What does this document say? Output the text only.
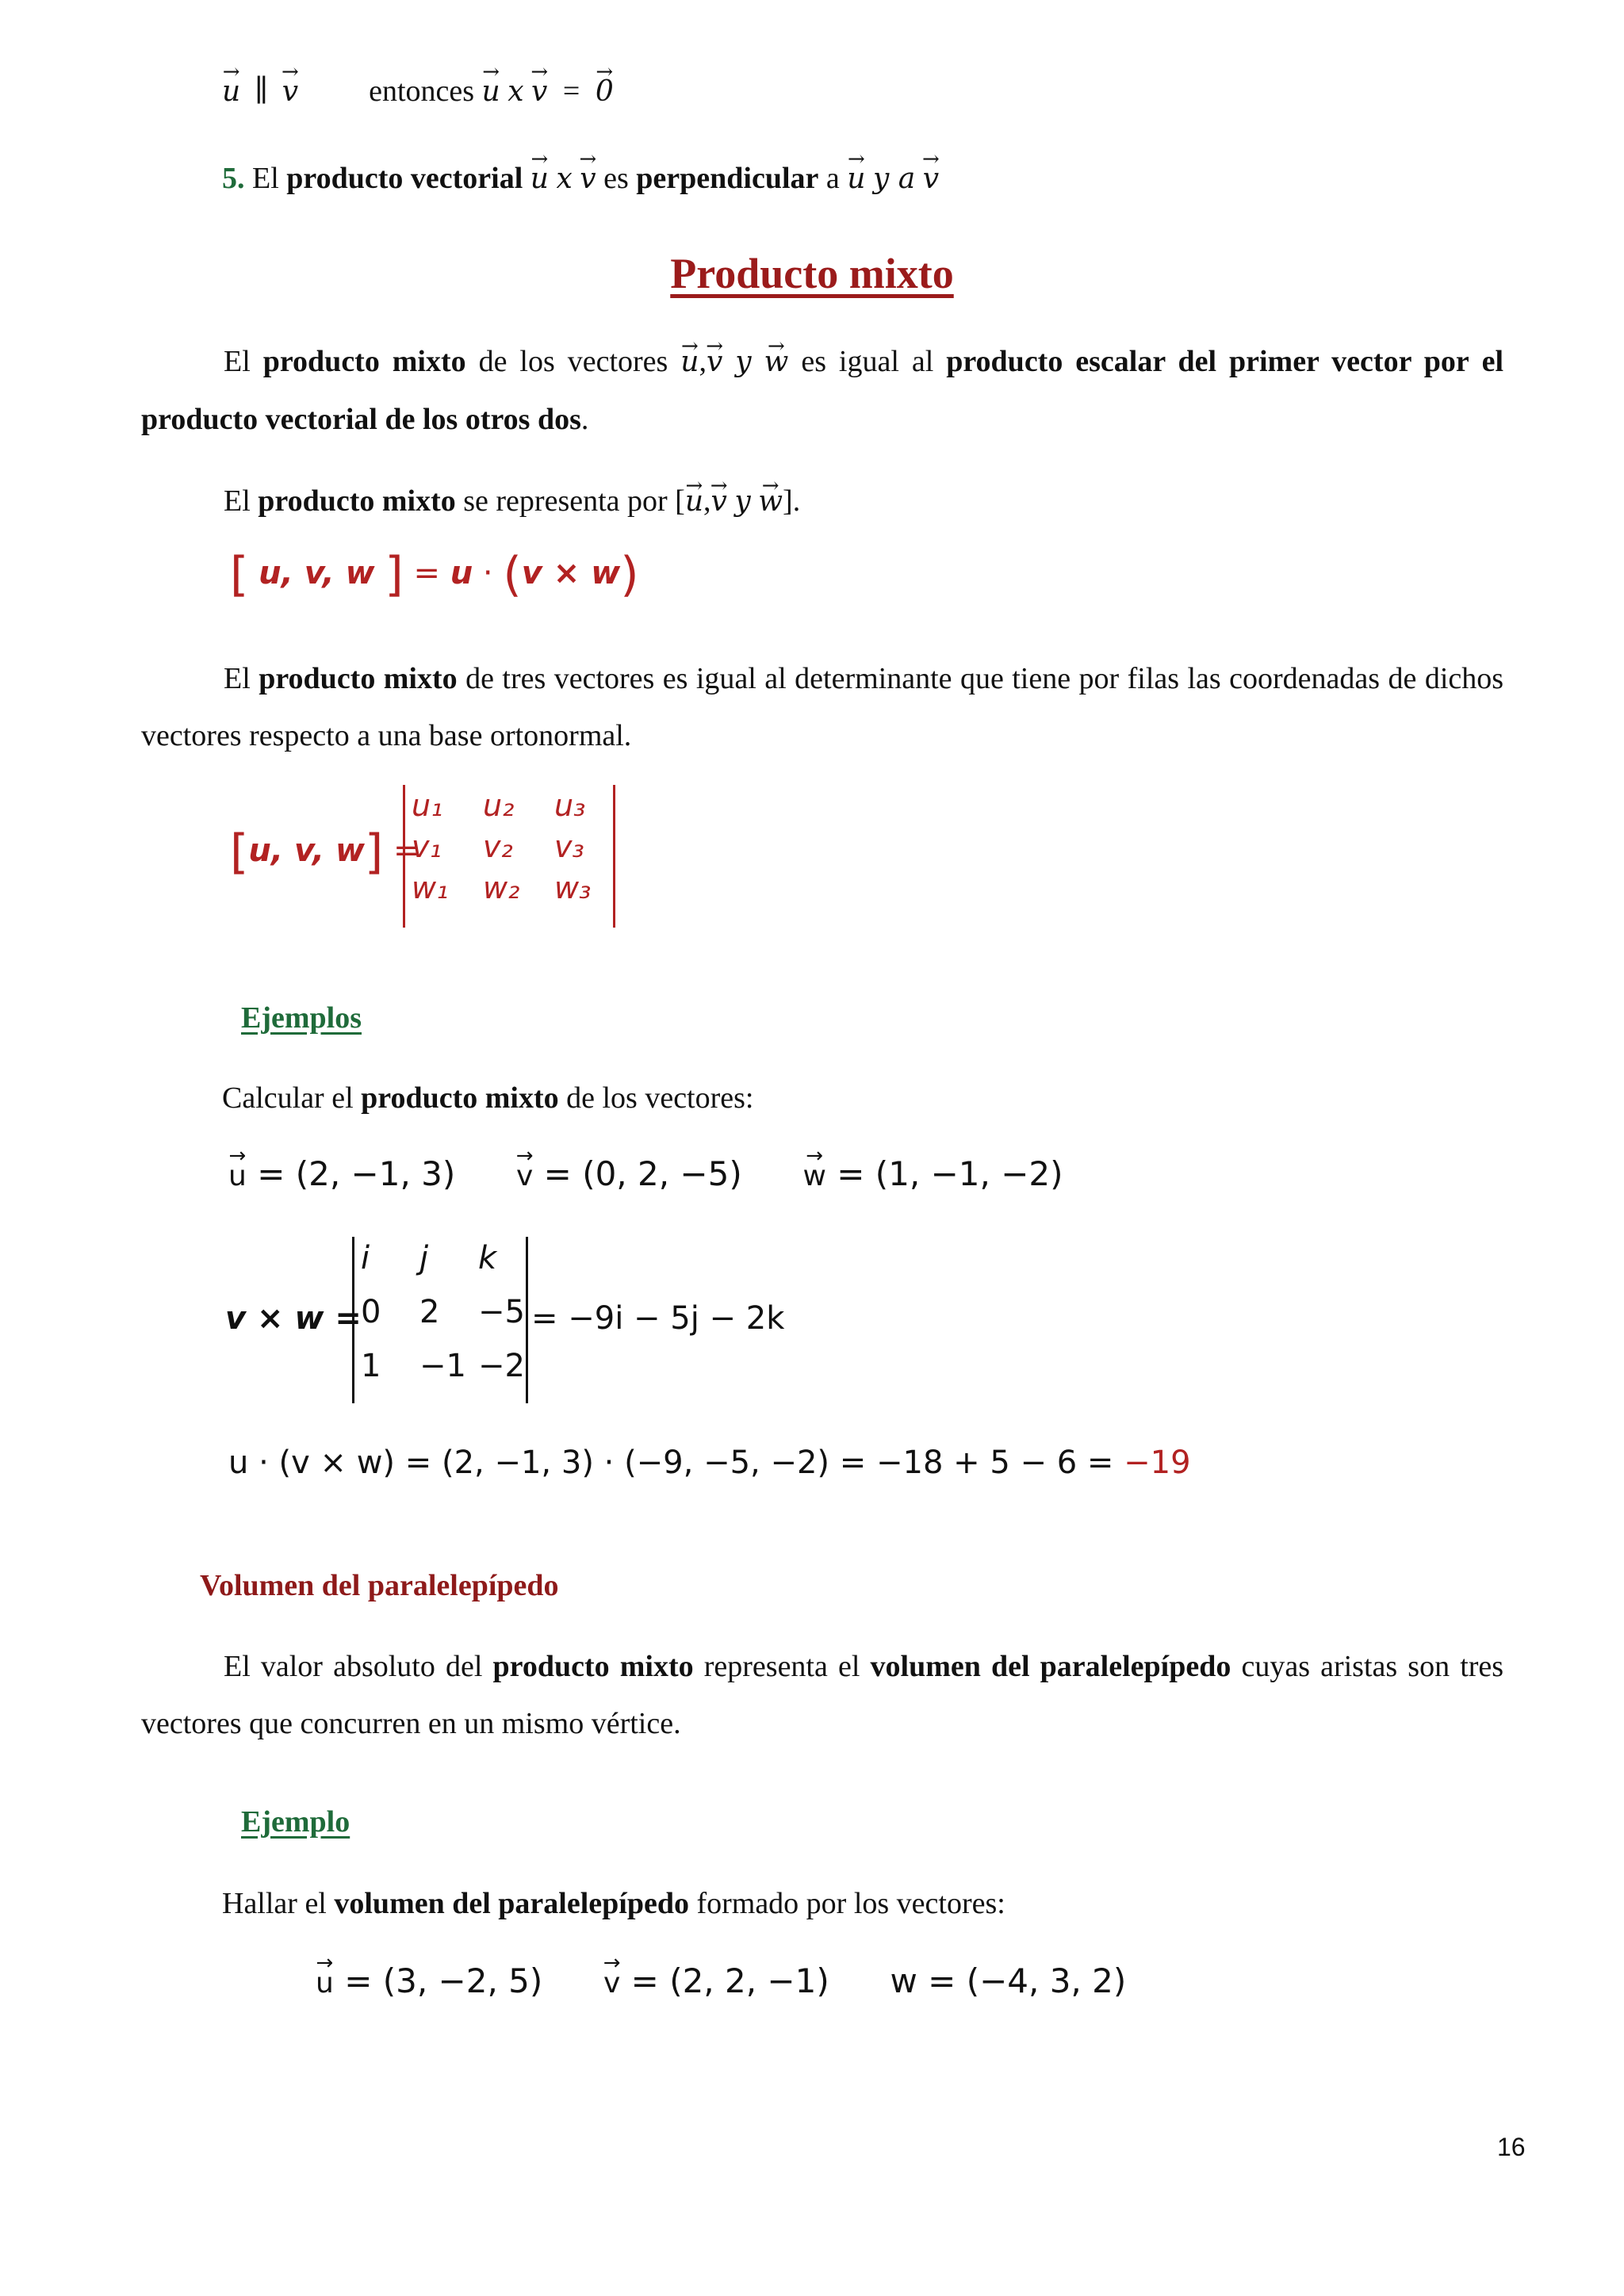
→ u ∥ → v entonces → u x → v = → 0
5. El producto vectorial → u x → v es perpendicular a → u y a → v
Producto mixto
El producto mixto de los vectores → u,→ v y → w es igual al producto escalar del primer vector por el producto vectorial de los otros dos.
El producto mixto se representa por [→ u,→ v y → w].
[ u, v, w ] = u · (v × w)
El producto mixto de tres vectores es igual al determinante que tiene por filas las coordenadas de dichos vectores respecto a una base ortonormal.
[u, v, w] =
u₁	u₂	u₃
v₁	v₂	v₃
w₁	w₂	w₃
Ejemplos
Calcular el producto mixto de los vectores:
→ u = (2, −1, 3) → v = (0, 2, −5) → w = (1, −1, −2)
v × w =
i	j	k
0	2	−5
1	−1 −2
= −9i − 5j − 2k
u · (v × w) = (2, −1, 3) · (−9, −5, −2) = −18 + 5 − 6 = −19
Volumen del paralelepípedo
El valor absoluto del producto mixto representa el volumen del paralelepípedo cuyas aristas son tres vectores que concurren en un mismo vértice.
Ejemplo
Hallar el volumen del paralelepípedo formado por los vectores:
→ u = (3, −2, 5) → v = (2, 2, −1) w = (−4, 3, 2)
16
